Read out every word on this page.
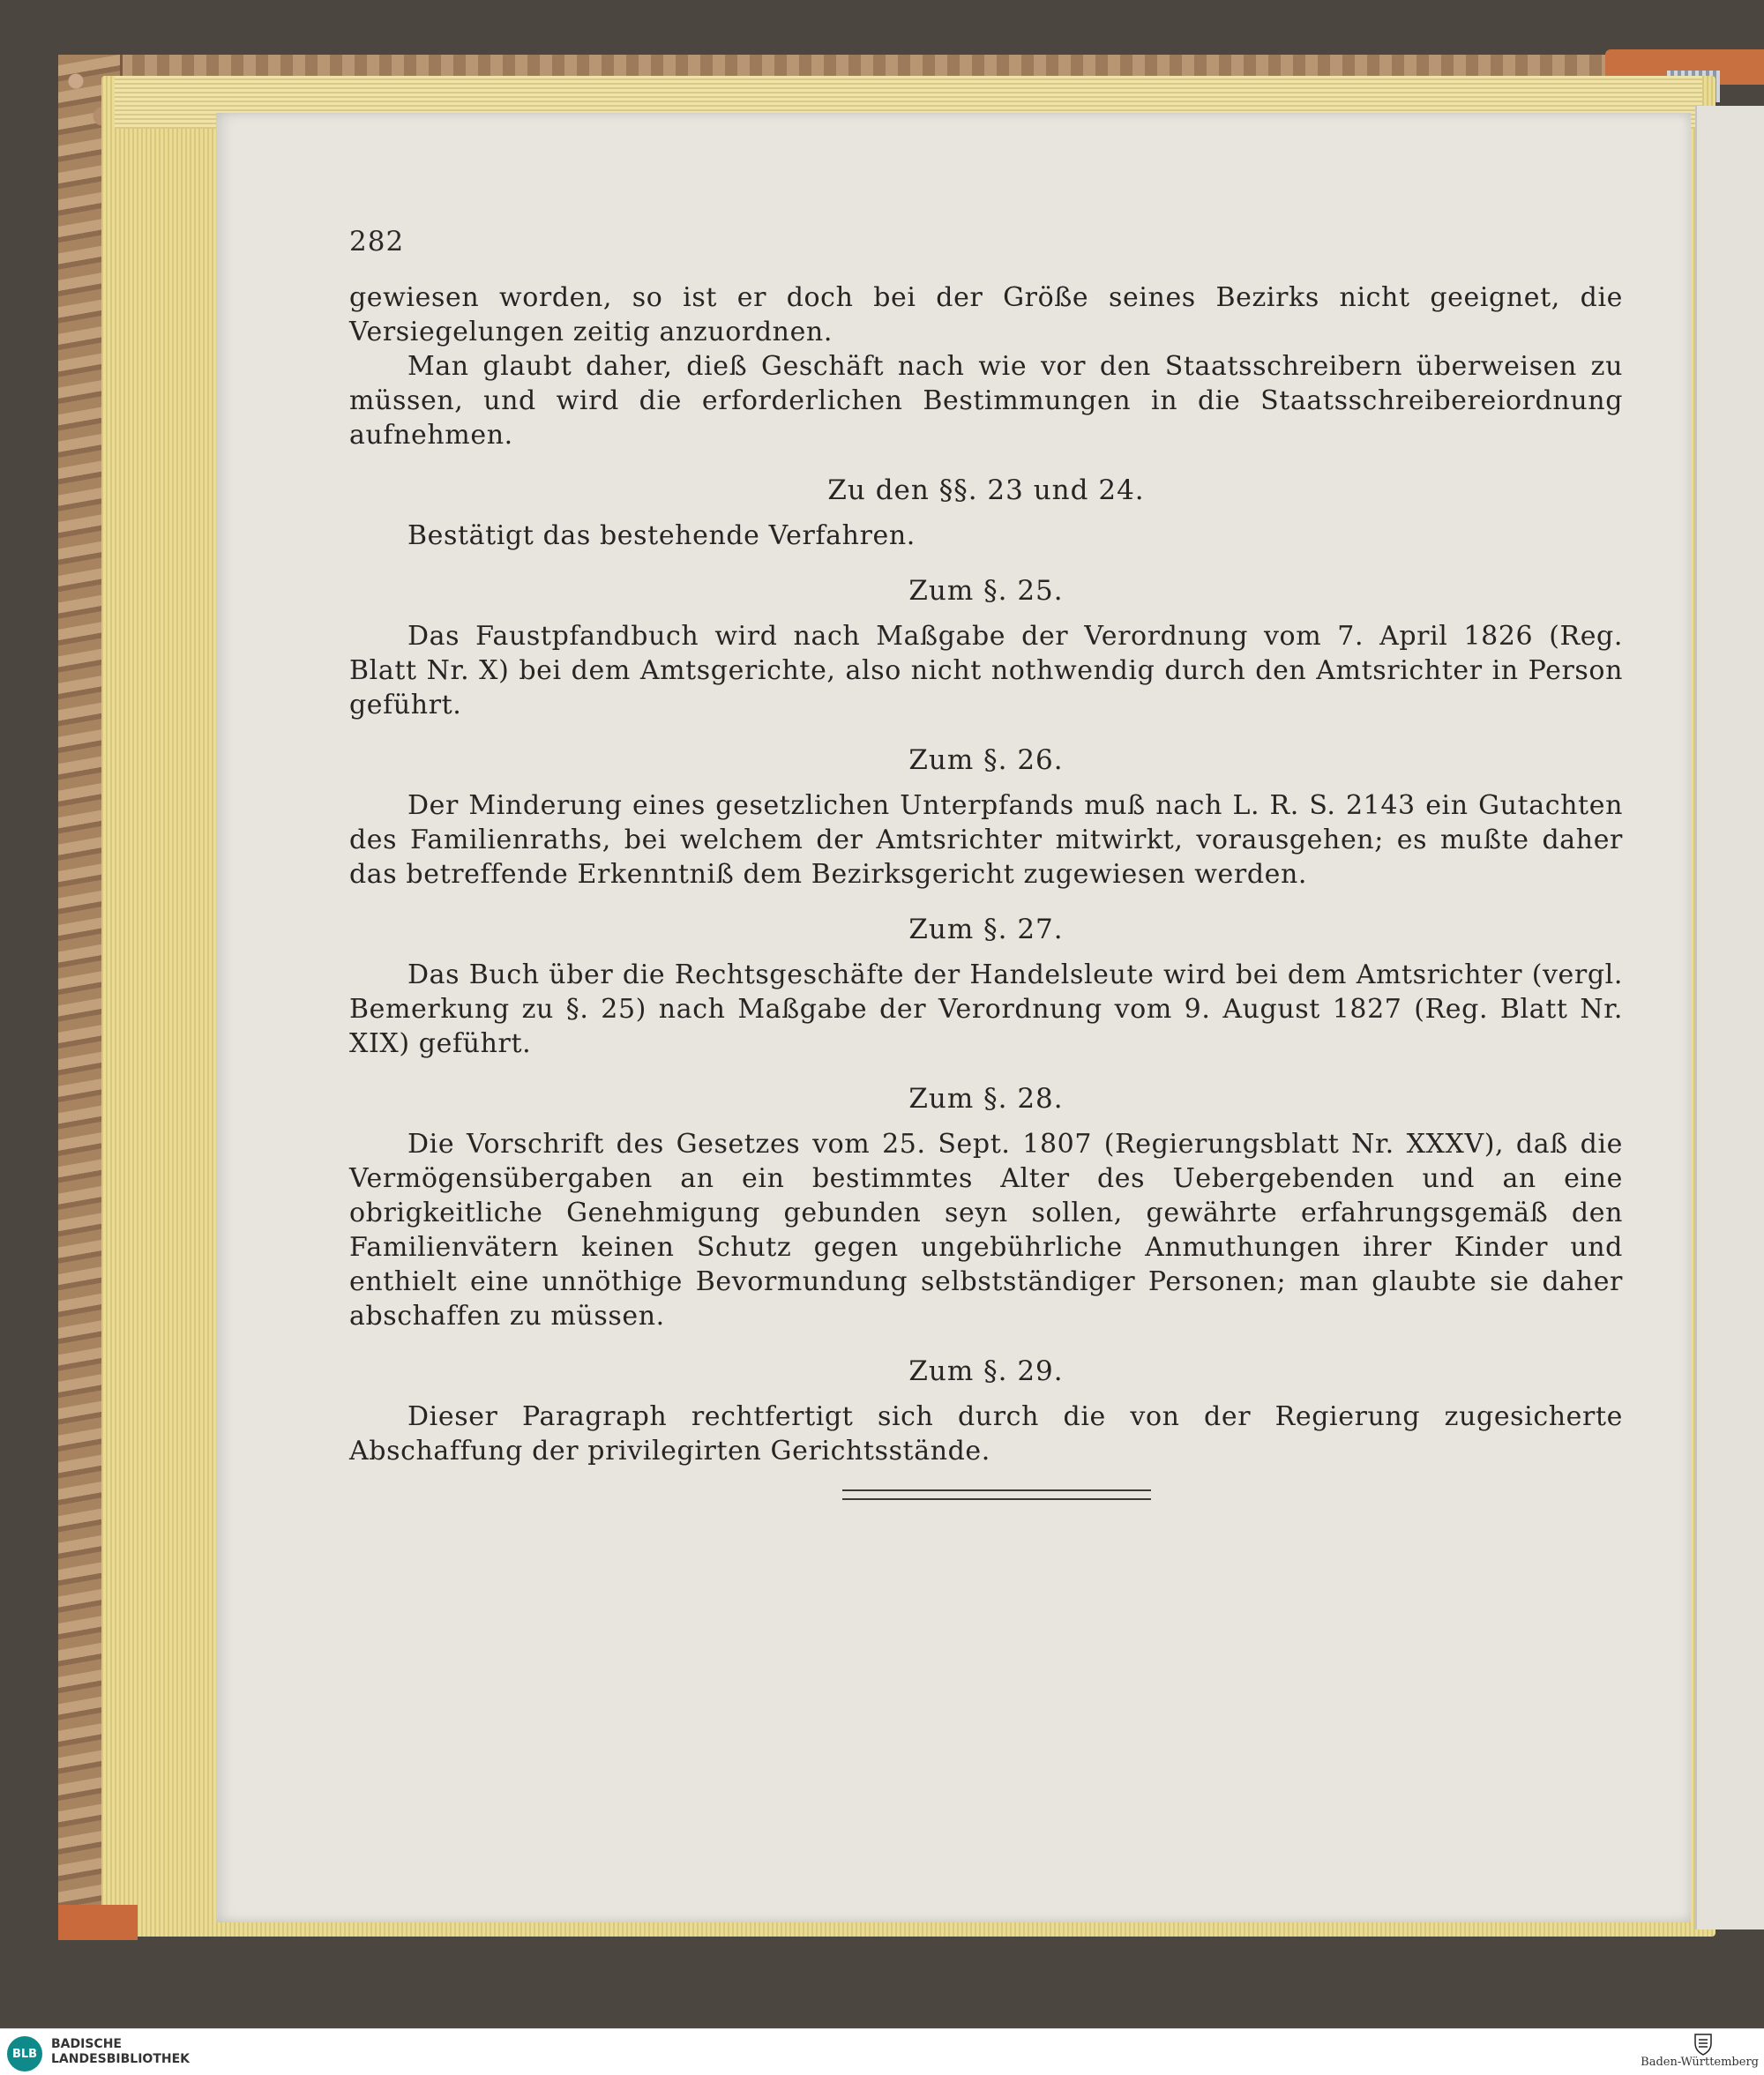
282

gewiesen worden, so ist er doch bei der Größe seines Bezirks nicht geeignet, die Versiegelungen zeitig anzuordnen.

Man glaubt daher, dieß Geschäft nach wie vor den Staatsschreibern überweisen zu müssen, und wird die erforderlichen Bestimmungen in die Staatsschreibereiordnung aufnehmen.

Zu den §§. 23 und 24.

Bestätigt das bestehende Verfahren.

Zum §. 25.

Das Faustpfandbuch wird nach Maßgabe der Verordnung vom 7. April 1826 (Reg. Blatt Nr. X) bei dem Amtsgerichte, also nicht nothwendig durch den Amtsrichter in Person geführt.

Zum §. 26.

Der Minderung eines gesetzlichen Unterpfands muß nach L. R. S. 2143 ein Gutachten des Familienraths, bei welchem der Amtsrichter mitwirkt, vorausgehen; es mußte daher das betreffende Erkenntniß dem Bezirksgericht zugewiesen werden.

Zum §. 27.

Das Buch über die Rechtsgeschäfte der Handelsleute wird bei dem Amtsrichter (vergl. Bemerkung zu §. 25) nach Maßgabe der Verordnung vom 9. August 1827 (Reg. Blatt Nr. XIX) geführt.

Zum §. 28.

Die Vorschrift des Gesetzes vom 25. Sept. 1807 (Regierungsblatt Nr. XXXV), daß die Vermögensübergaben an ein bestimmtes Alter des Uebergebenden und an eine obrigkeitliche Genehmigung gebunden seyn sollen, gewährte erfahrungsgemäß den Familienvätern keinen Schutz gegen ungebührliche Anmuthungen ihrer Kinder und enthielt eine unnöthige Bevormundung selbstständiger Personen; man glaubte sie daher abschaffen zu müssen.

Zum §. 29.

Dieser Paragraph rechtfertigt sich durch die von der Regierung zugesicherte Abschaffung der privilegirten Gerichtsstände.

BLB
BADISCHE
LANDESBIBLIOTHEK	Baden-Württemberg
